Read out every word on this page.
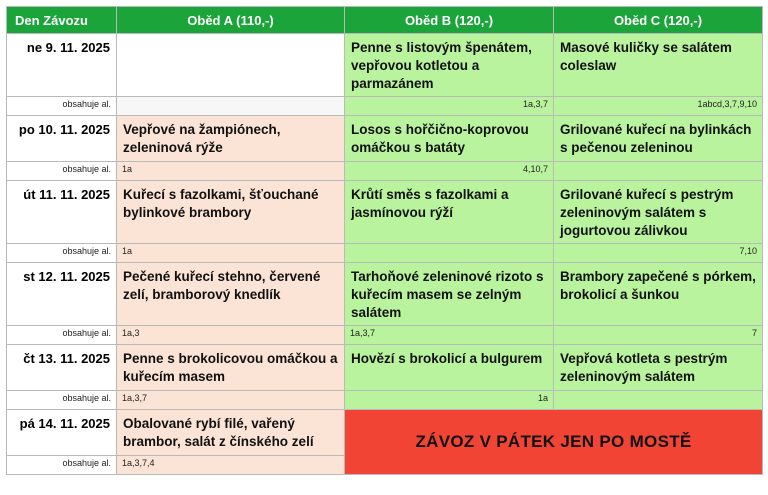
Den Závozu	Oběd A (110,-)	Oběd B (120,-)	Oběd C (120,-)
ne 9. 11. 2025		Penne s listovým špenátem, vepřovou kotletou a parmazánem	Masové kuličky se salátem coleslaw
obsahuje al.		1a,3,7	1abcd,3,7,9,10
po 10. 11. 2025	Vepřové na žampiónech, zeleninová rýže	Losos s hořčično-koprovou omáčkou s batáty	Grilované kuřecí na bylinkách s pečenou zeleninou
obsahuje al.	1a	4,10,7	
út 11. 11. 2025	Kuřecí s fazolkami, šťouchané bylinkové brambory	Krůtí směs s fazolkami a jasmínovou rýží	Grilované kuřecí s pestrým zeleninovým salátem s jogurtovou zálivkou
obsahuje al.	1a		7,10
st 12. 11. 2025	Pečené kuřecí stehno, červené zelí, bramborový knedlík	Tarhoňové zeleninové rizoto s kuřecím masem se zelným salátem	Brambory zapečené s pórkem, brokolicí a šunkou
obsahuje al.	1a,3	1a,3,7	7
čt 13. 11. 2025	Penne s brokolicovou omáčkou a kuřecím masem	Hovězí s brokolicí a bulgurem	Vepřová kotleta s pestrým zeleninovým salátem
obsahuje al.	1a,3,7	1a	
pá 14. 11. 2025	Obalované rybí filé, vařený brambor, salát z čínského zelí	ZÁVOZ V PÁTEK JEN PO MOSTĚ	
obsahuje al.	1a,3,7,4		
